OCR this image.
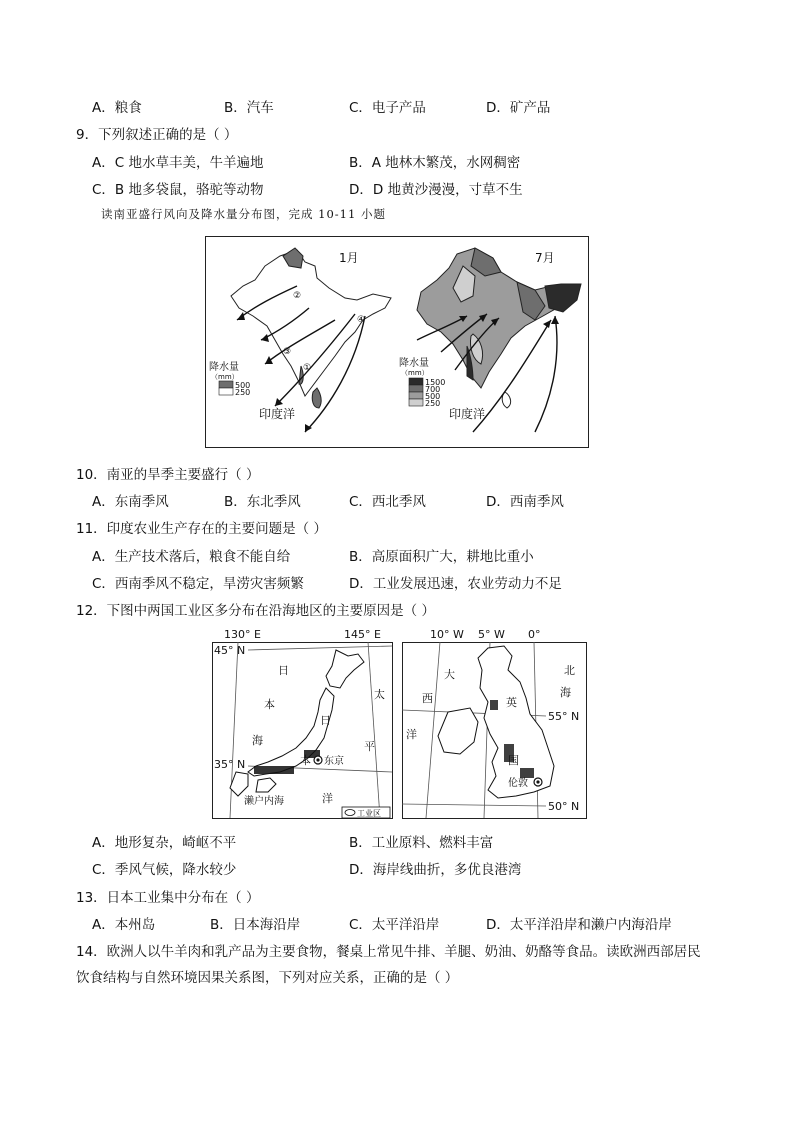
A．粮食	B．汽车	C．电子产品	D．矿产品
9．下列叙述正确的是（ ）
A．C 地水草丰美，牛羊遍地	B．A 地林木繁茂，水网稠密
C．B 地多袋鼠，骆驼等动物	D．D 地黄沙漫漫，寸草不生
读南亚盛行风向及降水量分布图，完成 10-11 小题
②
③
①
④
1月
降水量
（mm）
500
250
印度洋
7月
降水量
（mm）
1500
700
500
250
印度洋
10．南亚的旱季主要盛行（ ）
A．东南季风	B．东北季风	C．西北季风	D．西南季风
11．印度农业生产存在的主要问题是（ ）
A．生产技术落后，粮食不能自给	B．高原面积广大，耕地比重小
C．西南季风不稳定，旱涝灾害频繁	D．工业发展迅速，农业劳动力不足
12．下图中两国工业区多分布在沿海地区的主要原因是（ ）
130° E	145° E
45° N
35° N
日
本
海
太
平
洋
日
本 东京
濑户内海
工业区
10° W 5° W 0°
55° N
50° N
大
西
洋
北
海
英
国
伦敦
A．地形复杂，崎岖不平	B．工业原料、燃料丰富
C．季风气候，降水较少	D．海岸线曲折，多优良港湾
13．日本工业集中分布在（ ）
A．本州岛	B．日本海沿岸	C．太平洋沿岸	D．太平洋沿岸和濑户内海沿岸
14．欧洲人以牛羊肉和乳产品为主要食物，餐桌上常见牛排、羊腿、奶油、奶酪等食品。读欧洲西部居民
饮食结构与自然环境因果关系图，下列对应关系，正确的是（ ）
